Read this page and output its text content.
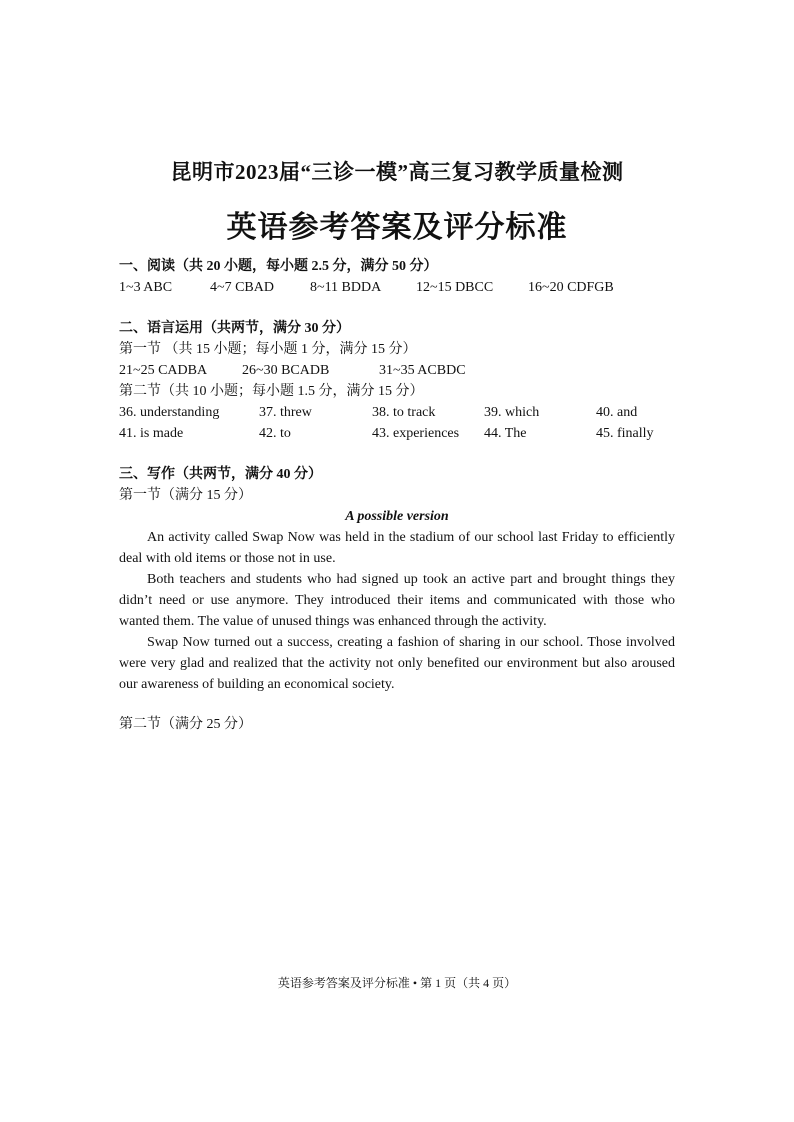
昆明市2023届“三诊一模”高三复习教学质量检测
英语参考答案及评分标准
一、阅读（共 20 小题，每小题 2.5 分，满分 50 分）
1~3 ABC	4~7 CBAD	8~11 BDDA 12~15 DBCC 16~20 CDFGB
二、语言运用（共两节，满分 30 分）
第一节 （共 15 小题；每小题 1 分，满分 15 分）
21~25 CADBA 26~30 BCADB	31~35 ACBDC
第二节（共 10 小题；每小题 1.5 分，满分 15 分）
36. understanding	37. threw	38. to track	39. which	40. and
41. is made	42. to	43. experiences 44. The	45. finally
三、写作（共两节，满分 40 分）
第一节（满分 15 分）
A possible version

An activity called Swap Now was held in the stadium of our school last Friday to efficiently deal with old items or those not in use.

Both teachers and students who had signed up took an active part and brought things they didn’t need or use anymore. They introduced their items and communicated with those who wanted them. The value of unused things was enhanced through the activity.

Swap Now turned out a success, creating a fashion of sharing in our school. Those involved were very glad and realized that the activity not only benefited our environment but also aroused our awareness of building an economical society.

第二节（满分 25 分）
英语参考答案及评分标准 • 第 1 页（共 4 页）
